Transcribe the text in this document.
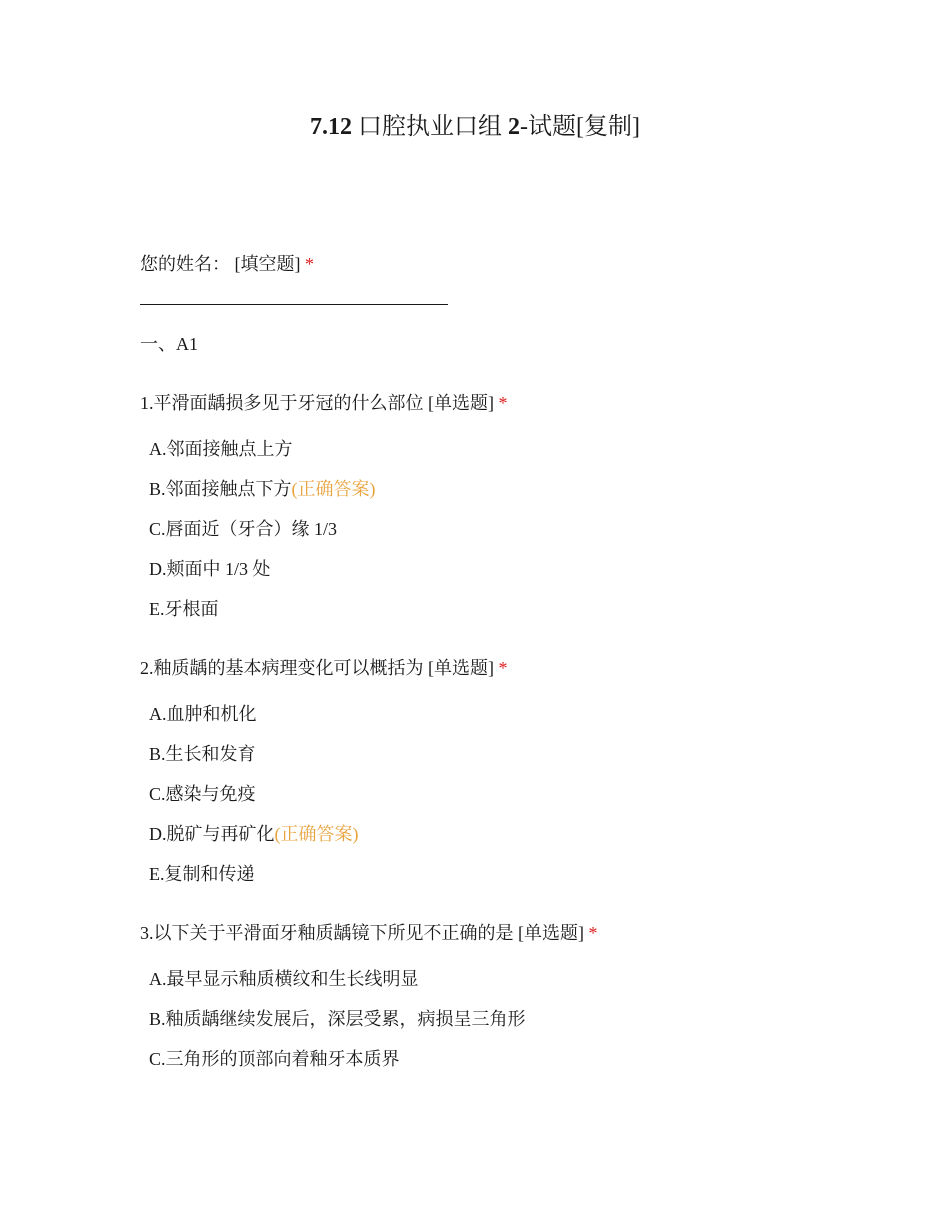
7.12 口腔执业口组 2-试题[复制]
您的姓名： [填空题] *
一、A1
1.平滑面龋损多见于牙冠的什么部位 [单选题] *
A.邻面接触点上方
B.邻面接触点下方(正确答案)
C.唇面近（牙合）缘 1/3
D.颊面中 1/3 处
E.牙根面
2.釉质龋的基本病理变化可以概括为 [单选题] *
A.血肿和机化
B.生长和发育
C.感染与免疫
D.脱矿与再矿化(正确答案)
E.复制和传递
3.以下关于平滑面牙釉质龋镜下所见不正确的是 [单选题] *
A.最早显示釉质横纹和生长线明显
B.釉质龋继续发展后，深层受累，病损呈三角形
C.三角形的顶部向着釉牙本质界
